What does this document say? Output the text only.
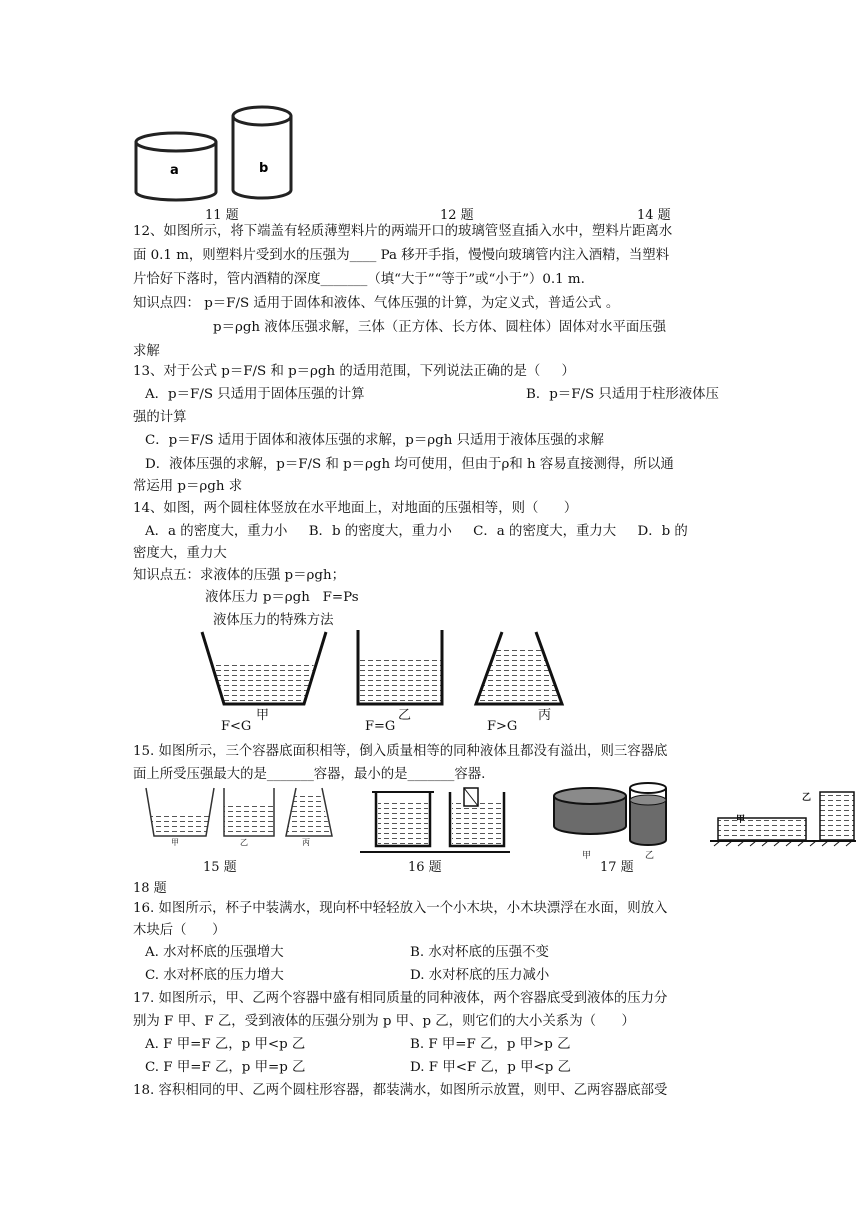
a	b
11 题	12 题	14 题
12、如图所示，将下端盖有轻质薄塑料片的两端开口的玻璃管竖直插入水中，塑料片距离水
面 0.1 m，则塑料片受到水的压强为____ Pa 移开手指，慢慢向玻璃管内注入酒精，当塑料
片恰好下落时，管内酒精的深度_______（填“大于”“等于”或“小于”）0.1 m.
知识点四： p＝F/S 适用于固体和液体、气体压强的计算，为定义式，普适公式 。
p＝ρgh 液体压强求解，三体（正方体、长方体、圆柱体）固体对水平面压强
求解
13、对于公式 p＝F/S 和 p＝ρgh 的适用范围，下列说法正确的是（     ）
A．p＝F/S 只适用于固体压强的计算	B．p＝F/S 只适用于柱形液体压
强的计算
C．p＝F/S 适用于固体和液体压强的求解，p＝ρgh 只适用于液体压强的求解
D．液体压强的求解，p＝F/S 和 p＝ρgh 均可使用，但由于ρ和 h 容易直接测得，所以通
常运用 p＝ρgh 求
14、如图，两个圆柱体竖放在水平地面上，对地面的压强相等，则（      ）
A．a 的密度大，重力小     B．b 的密度大，重力小     C．a 的密度大，重力大     D．b 的
密度大，重力大
知识点五：求液体的压强 p＝ρgh；
液体压力 p＝ρgh   F=Ps
液体压力的特殊方法
甲	乙	丙
F<G	F=G	F>G
15. 如图所示，三个容器底面积相等，倒入质量相等的同种液体且都没有溢出，则三容器底
面上所受压强最大的是_______容器，最小的是_______容器.
甲	乙	丙
甲	乙
甲
乙
15 题	16 题	17 题
18 题
16. 如图所示，杯子中装满水，现向杯中轻轻放入一个小木块，小木块漂浮在水面，则放入
木块后（      ）
A. 水对杯底的压强增大	B. 水对杯底的压强不变
C. 水对杯底的压力增大	D. 水对杯底的压力减小
17. 如图所示，甲、乙两个容器中盛有相同质量的同种液体，两个容器底受到液体的压力分
别为 F 甲、F 乙，受到液体的压强分别为 p 甲、p 乙，则它们的大小关系为（      ）
A. F 甲=F 乙，p 甲<p 乙	B. F 甲=F 乙，p 甲>p 乙
C. F 甲=F 乙，p 甲=p 乙	D. F 甲<F 乙，p 甲<p 乙
18. 容积相同的甲、乙两个圆柱形容器，都装满水，如图所示放置，则甲、乙两容器底部受
